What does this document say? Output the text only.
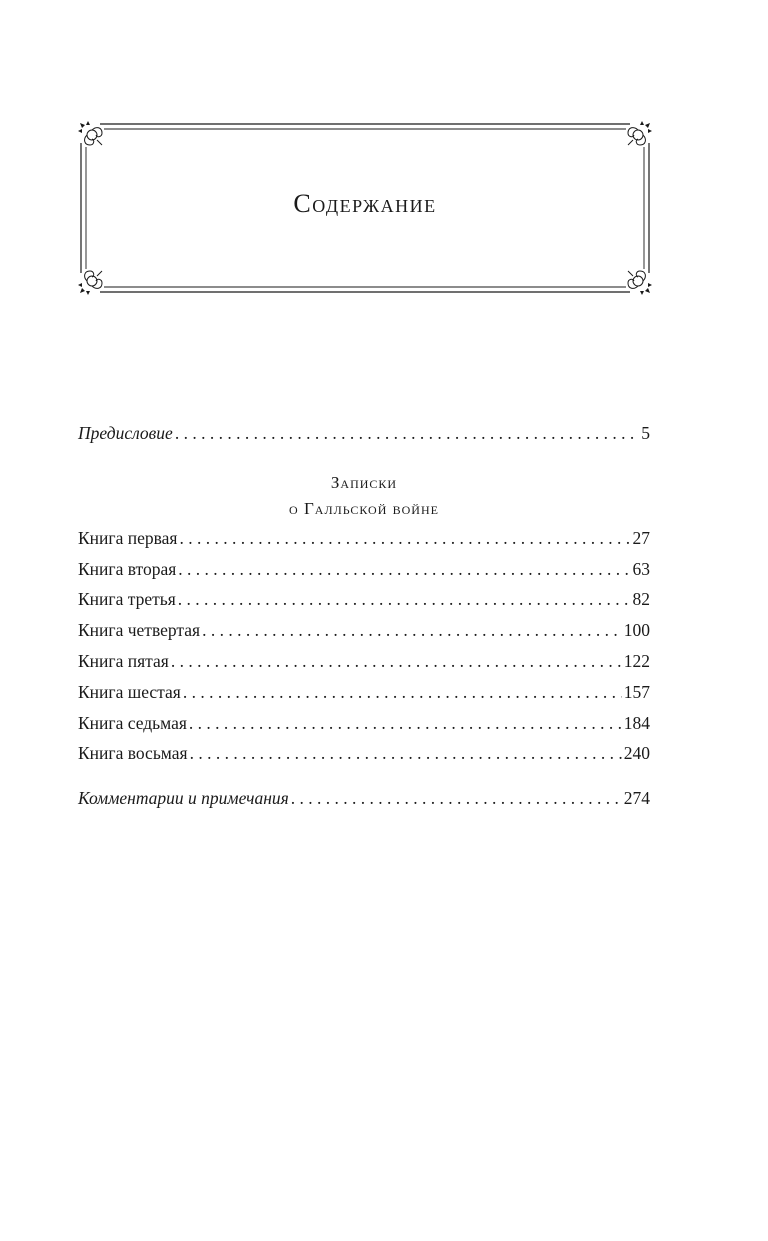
Содержание
Предисловие . . .	5
Записки
о Галльской войне
Книга первая . . .	27
Книга вторая . . .	63
Книга третья . . .	82
Книга четвертая . . .	100
Книга пятая . . .	122
Книга шестая . . .	157
Книга седьмая . . .	184
Книга восьмая . . .	240
Комментарии и примечания . . .	274
